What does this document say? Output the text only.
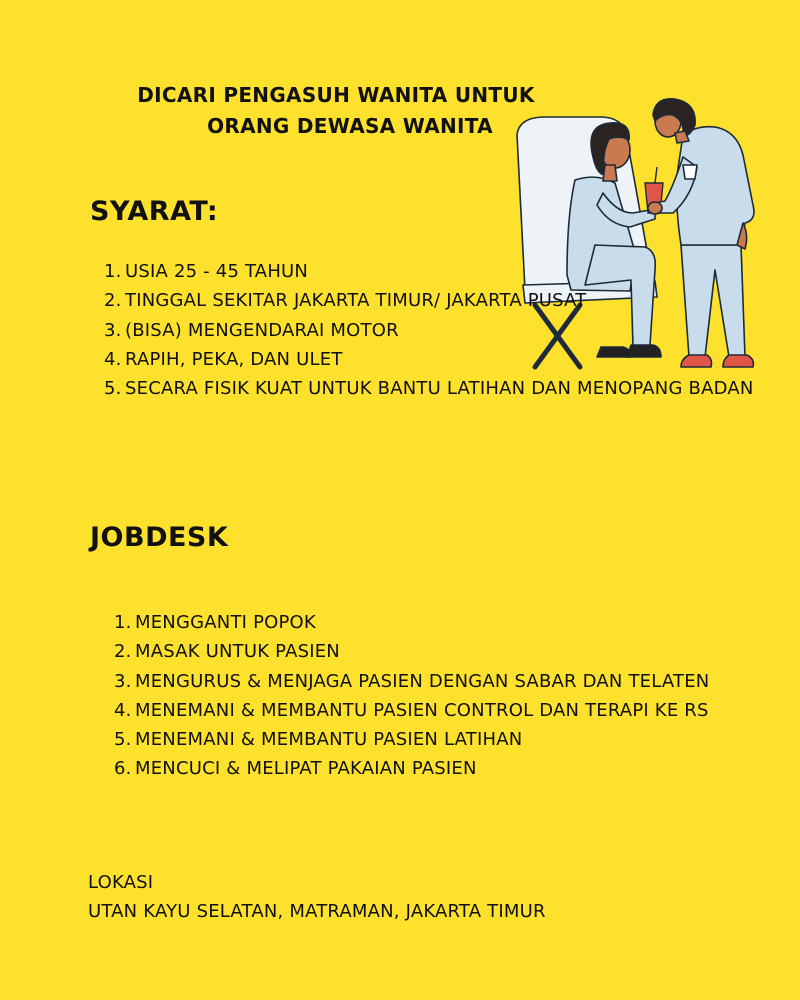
DICARI PENGASUH WANITA UNTUK
ORANG DEWASA WANITA
SYARAT:
1. USIA 25 - 45 TAHUN
2. TINGGAL SEKITAR JAKARTA TIMUR/ JAKARTA PUSAT
3. (BISA) MENGENDARAI MOTOR
4. RAPIH, PEKA, DAN ULET
5. SECARA FISIK KUAT UNTUK BANTU LATIHAN DAN MENOPANG BADAN
JOBDESK
1. MENGGANTI POPOK
2. MASAK UNTUK PASIEN
3. MENGURUS & MENJAGA PASIEN DENGAN SABAR DAN TELATEN
4. MENEMANI & MEMBANTU PASIEN CONTROL DAN TERAPI KE RS
5. MENEMANI & MEMBANTU PASIEN LATIHAN
6. MENCUCI & MELIPAT PAKAIAN PASIEN
LOKASI
UTAN KAYU SELATAN, MATRAMAN, JAKARTA TIMUR
